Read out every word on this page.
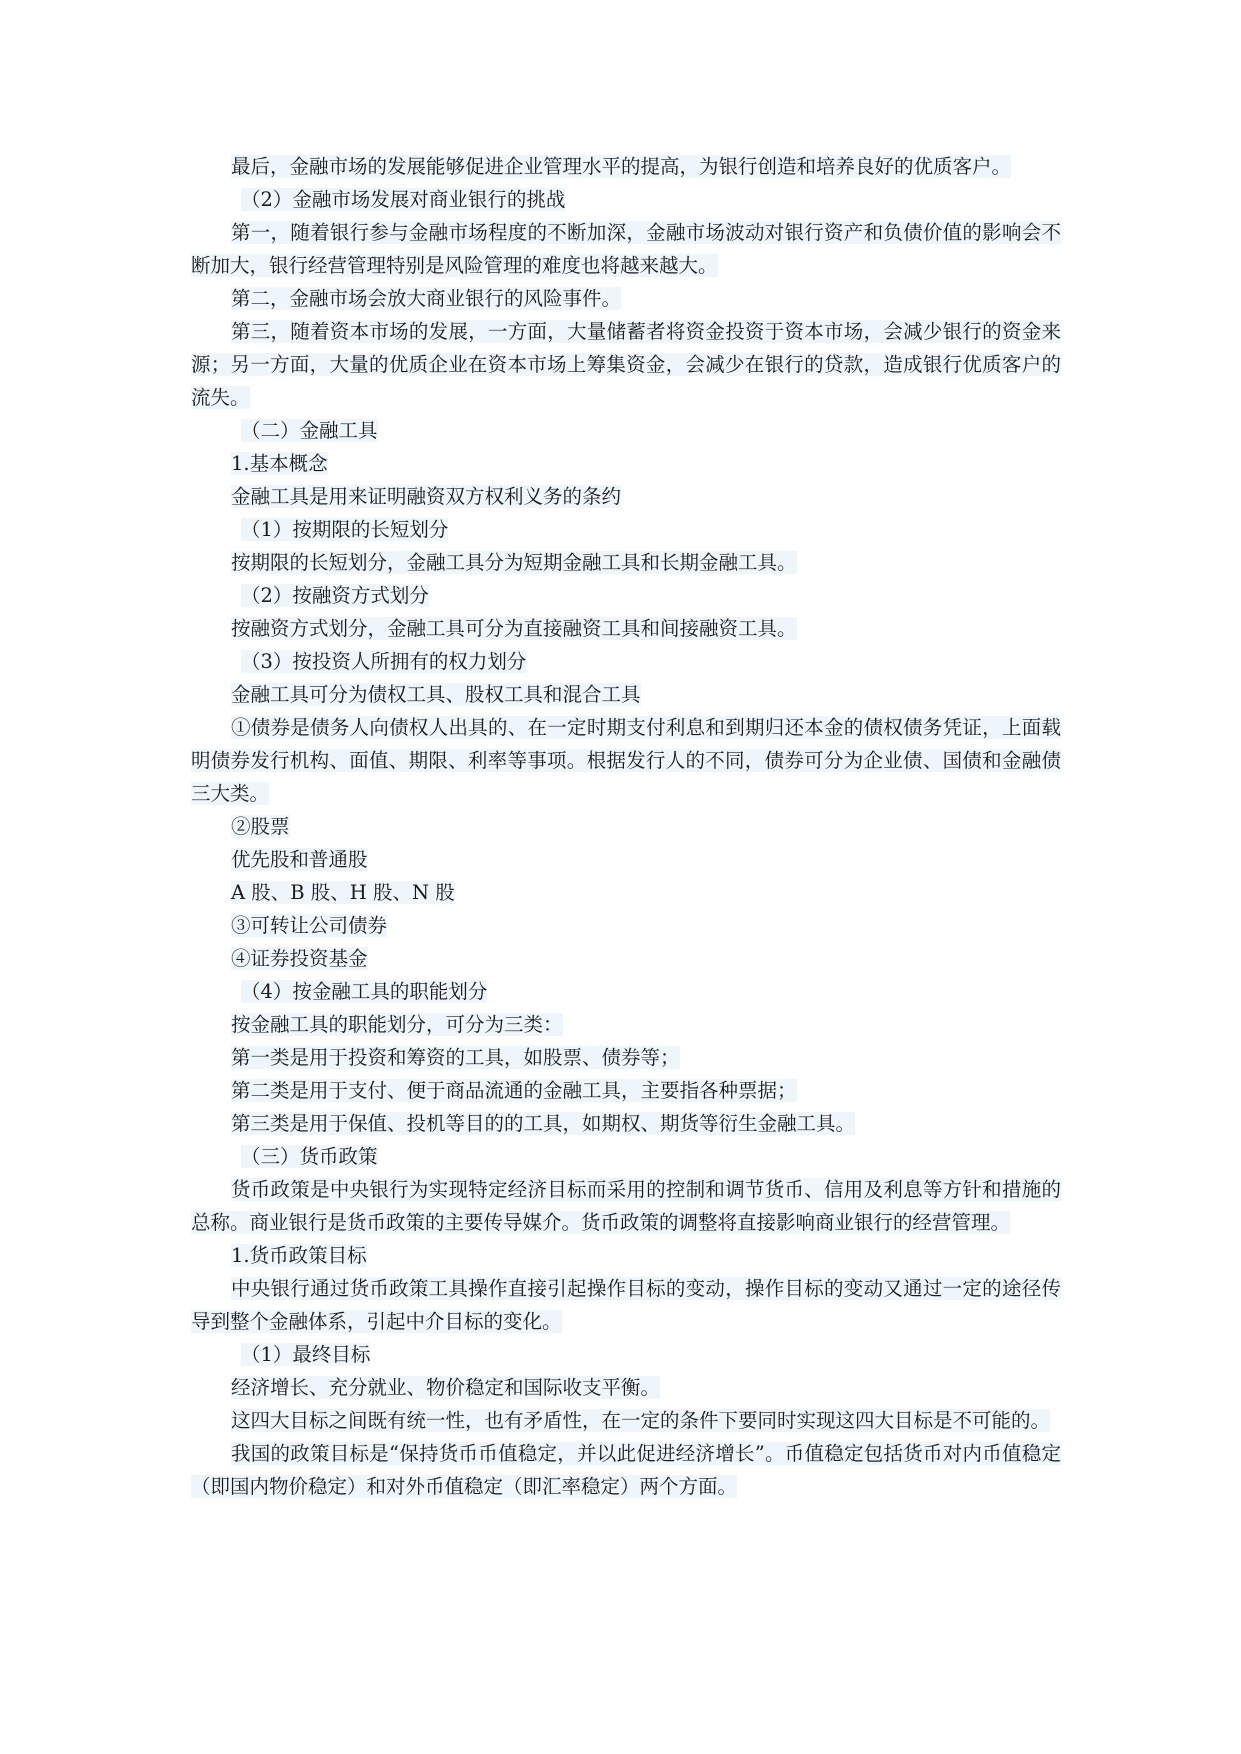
最后，金融市场的发展能够促进企业管理水平的提高，为银行创造和培养良好的优质客户。

（2）金融市场发展对商业银行的挑战

第一，随着银行参与金融市场程度的不断加深，金融市场波动对银行资产和负债价值的影响会不断加大，银行经营管理特别是风险管理的难度也将越来越大。

第二，金融市场会放大商业银行的风险事件。

第三，随着资本市场的发展，一方面，大量储蓄者将资金投资于资本市场，会减少银行的资金来源；另一方面，大量的优质企业在资本市场上筹集资金，会减少在银行的贷款，造成银行优质客户的流失。

（二）金融工具

1.基本概念

金融工具是用来证明融资双方权利义务的条约

（1）按期限的长短划分

按期限的长短划分，金融工具分为短期金融工具和长期金融工具。

（2）按融资方式划分

按融资方式划分，金融工具可分为直接融资工具和间接融资工具。

（3）按投资人所拥有的权力划分

金融工具可分为债权工具、股权工具和混合工具

①债券是债务人向债权人出具的、在一定时期支付利息和到期归还本金的债权债务凭证，上面载明债券发行机构、面值、期限、利率等事项。根据发行人的不同，债券可分为企业债、国债和金融债三大类。

②股票

优先股和普通股

A 股、B 股、H 股、N 股

③可转让公司债券

④证券投资基金

（4）按金融工具的职能划分

按金融工具的职能划分，可分为三类：

第一类是用于投资和筹资的工具，如股票、债券等；

第二类是用于支付、便于商品流通的金融工具，主要指各种票据；

第三类是用于保值、投机等目的的工具，如期权、期货等衍生金融工具。

（三）货币政策

货币政策是中央银行为实现特定经济目标而采用的控制和调节货币、信用及利息等方针和措施的总称。商业银行是货币政策的主要传导媒介。货币政策的调整将直接影响商业银行的经营管理。

1.货币政策目标

中央银行通过货币政策工具操作直接引起操作目标的变动，操作目标的变动又通过一定的途径传导到整个金融体系，引起中介目标的变化。

（1）最终目标

经济增长、充分就业、物价稳定和国际收支平衡。

这四大目标之间既有统一性，也有矛盾性，在一定的条件下要同时实现这四大目标是不可能的。

我国的政策目标是“保持货币币值稳定，并以此促进经济增长”。币值稳定包括货币对内币值稳定（即国内物价稳定）和对外币值稳定（即汇率稳定）两个方面。
